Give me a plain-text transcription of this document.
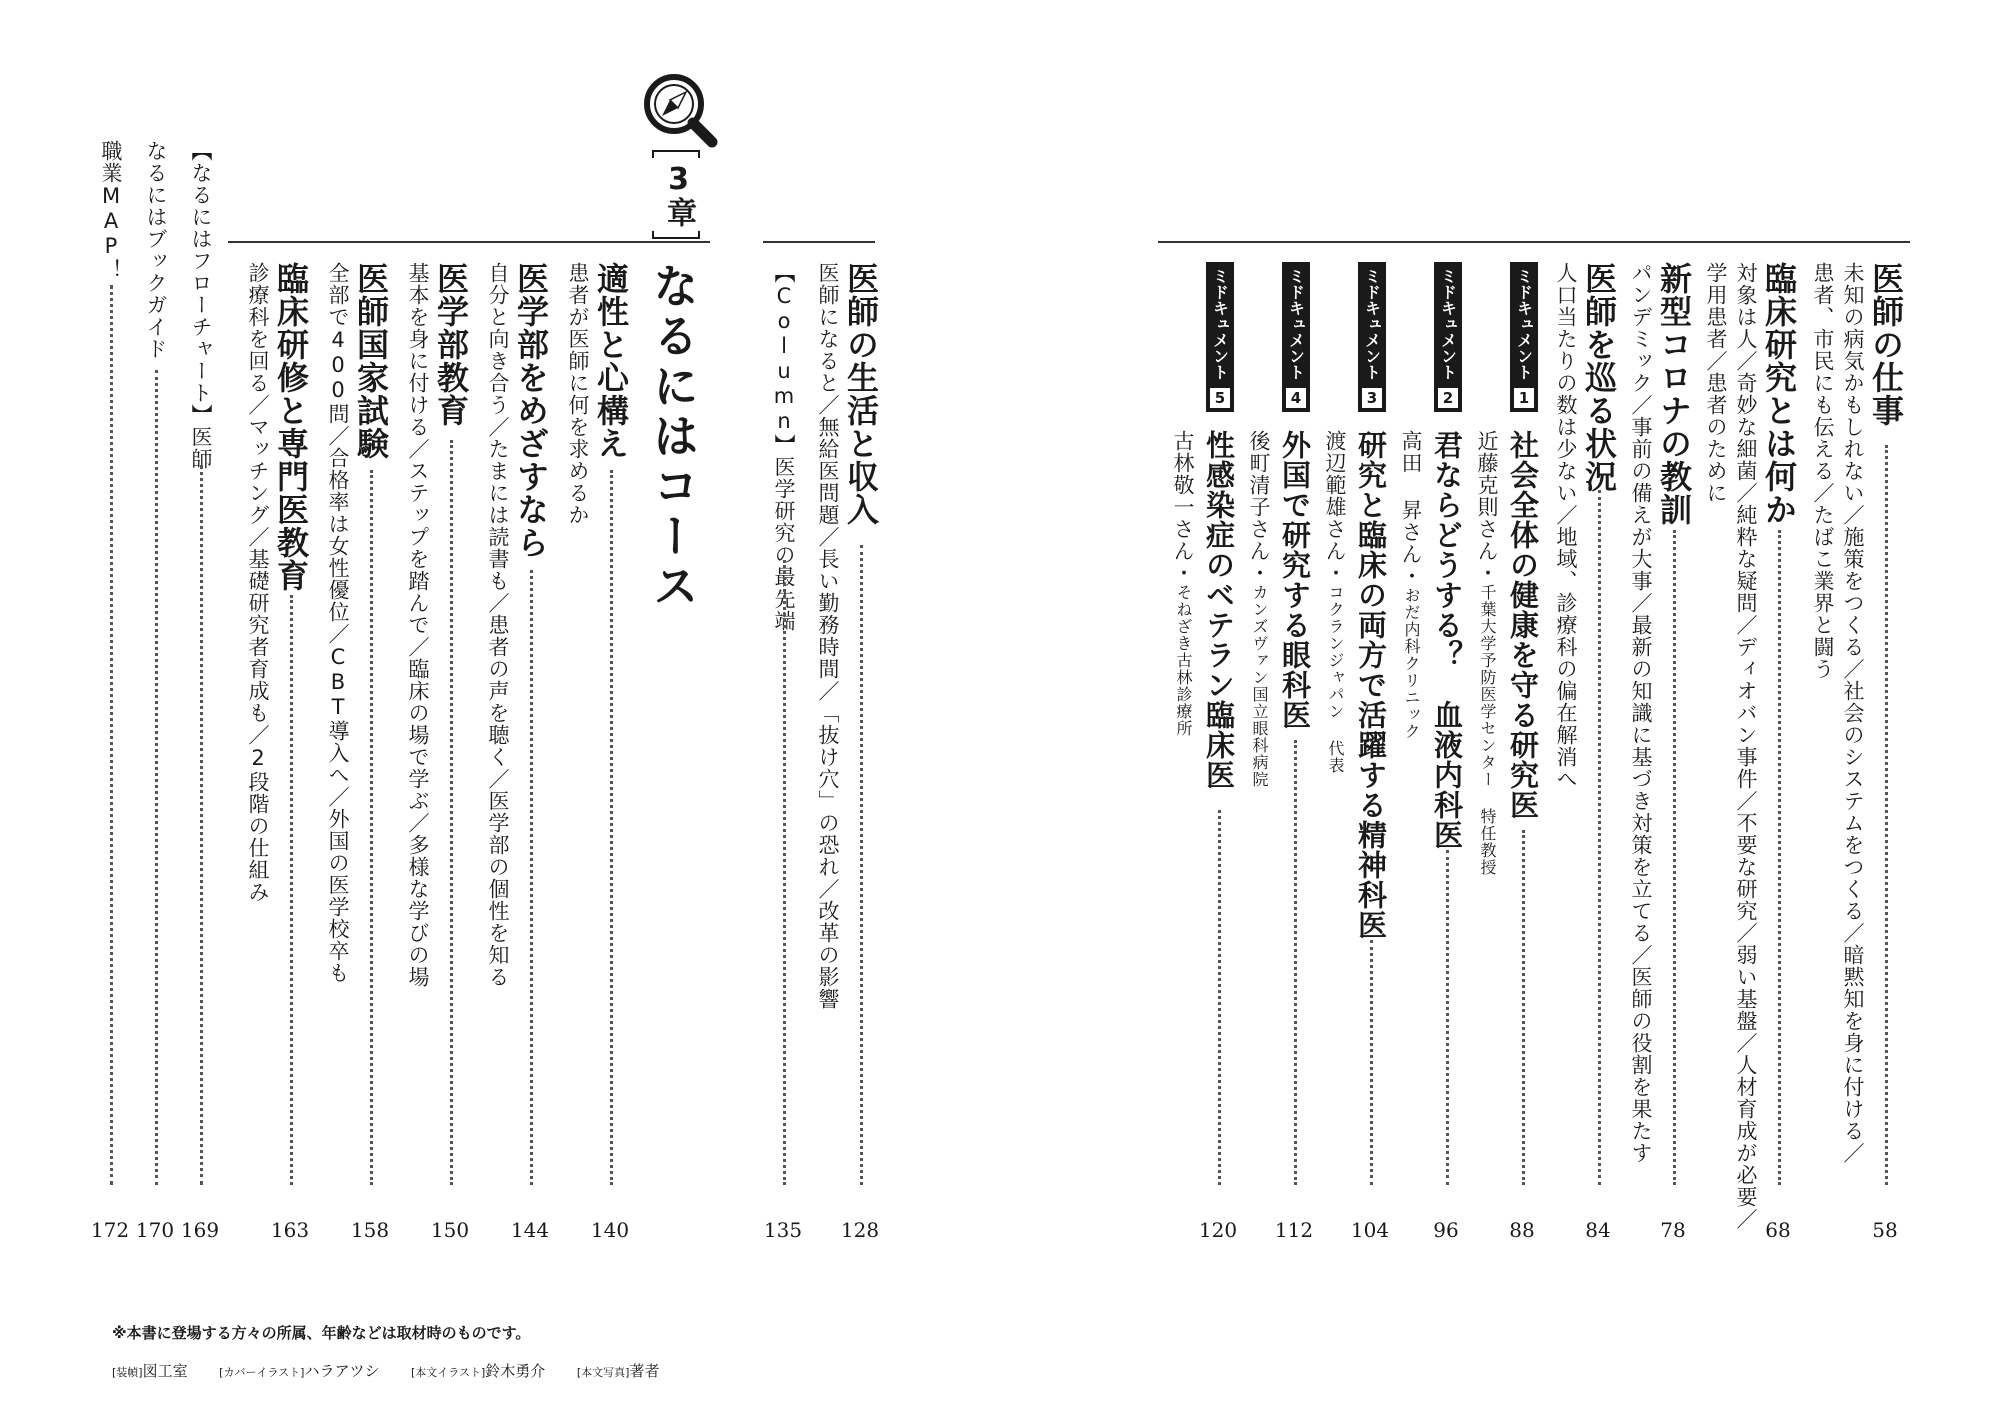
医師の仕事
未知の病気かもしれない／施策をつくる／社会のシステムをつくる／暗黙知を身に付ける／
患者、市民にも伝える／たばこ業界と闘う
58
臨床研究とは何か
対象は人／奇妙な細菌／純粋な疑問／ディオバン事件／不要な研究／弱い基盤／人材育成が必要／
学用患者／患者のために
68
新型コロナの教訓
パンデミック／事前の備えが大事／最新の知識に基づき対策を立てる／医師の役割を果たす
78
医師を巡る状況
人口当たりの数は少ない／地域、診療科の偏在解消へ
84
ミドキュメント
1
社会全体の健康を守る研究医
近藤克則さん・千葉大学予防医学センター 特任教授
88
ミドキュメント
2
君ならどうする？　血液内科医
高田 昇さん・おだ内科クリニック
96
ミドキュメント
3
研究と臨床の両方で活躍する精神科医
渡辺範雄さん・コクランジャパン 代表
104
ミドキュメント
4
外国で研究する眼科医
後町清子さん・カンズヴァン国立眼科病院
112
ミドキュメント
5
性感染症のベテラン臨床医
古林敬一さん・そねざき古林診療所
120
医師の生活と収入
医師になると／無給医問題／長い勤務時間／「抜け穴」の恐れ／改革の影響
128
【Column】医学研究の最先端
135
3章
なるにはコース
適性と心構え
患者が医師に何を求めるか
140
医学部をめざすなら
自分と向き合う／たまには読書も／患者の声を聴く／医学部の個性を知る
144
医学部教育
基本を身に付ける／ステップを踏んで／臨床の場で学ぶ／多様な学びの場
150
医師国家試験
全部で400問／合格率は女性優位／CBT導入へ／外国の医学校卒も
158
臨床研修と専門医教育
診療科を回る／マッチング／基礎研究者育成も／2段階の仕組み
163
【なるにはフローチャート】医師
169
なるにはブックガイド
170
職業MAP！
172
※本書に登場する方々の所属、年齢などは取材時のものです。
[装幀]図工室	[カバーイラスト]ハラアツシ	[本文イラスト]鈴木勇介	[本文写真]著者
